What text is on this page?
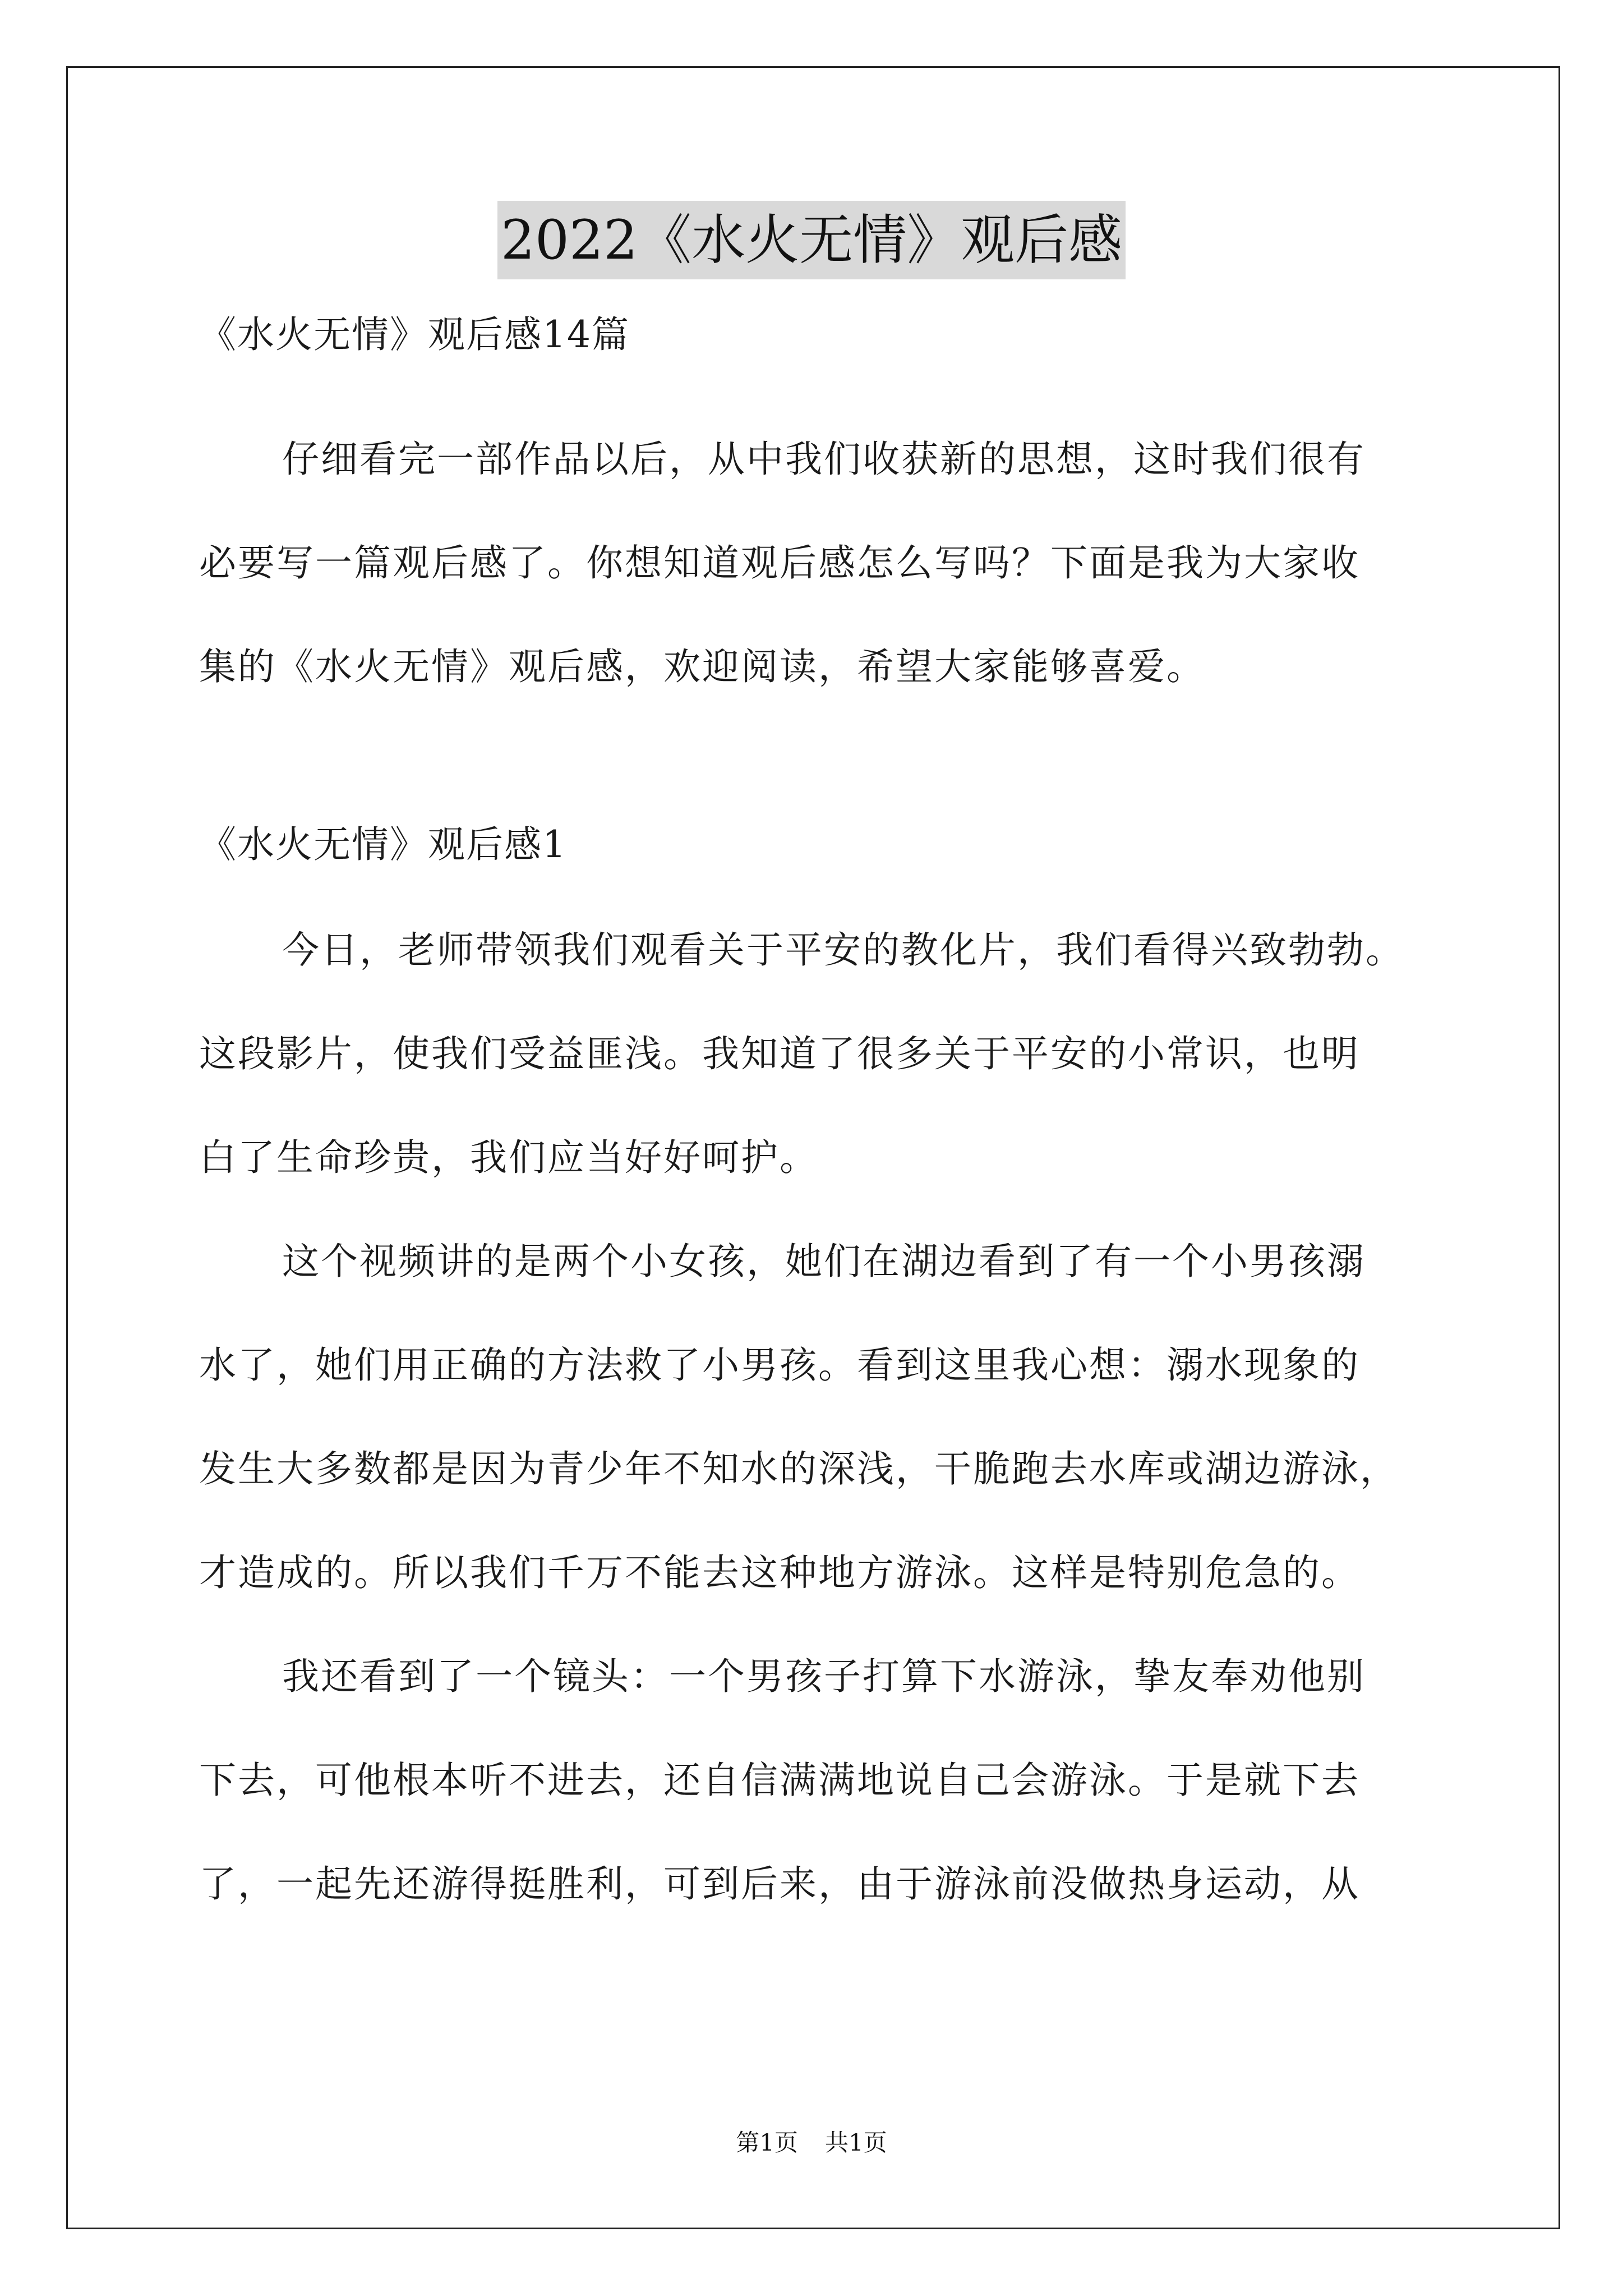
2022《水火无情》观后感
《水火无情》观后感14篇

仔细看完一部作品以后，从中我们收获新的思想，这时我们很有
必要写一篇观后感了。你想知道观后感怎么写吗？下面是我为大家收
集的《水火无情》观后感，欢迎阅读，希望大家能够喜爱。

《水火无情》观后感1

今日，老师带领我们观看关于平安的教化片，我们看得兴致勃勃。
这段影片，使我们受益匪浅。我知道了很多关于平安的小常识，也明
白了生命珍贵，我们应当好好呵护。

这个视频讲的是两个小女孩，她们在湖边看到了有一个小男孩溺
水了，她们用正确的方法救了小男孩。看到这里我心想：溺水现象的
发生大多数都是因为青少年不知水的深浅，干脆跑去水库或湖边游泳，
才造成的。所以我们千万不能去这种地方游泳。这样是特别危急的。

我还看到了一个镜头：一个男孩子打算下水游泳，挚友奉劝他别
下去，可他根本听不进去，还自信满满地说自己会游泳。于是就下去
了，一起先还游得挺胜利，可到后来，由于游泳前没做热身运动，从

第1页 共1页
